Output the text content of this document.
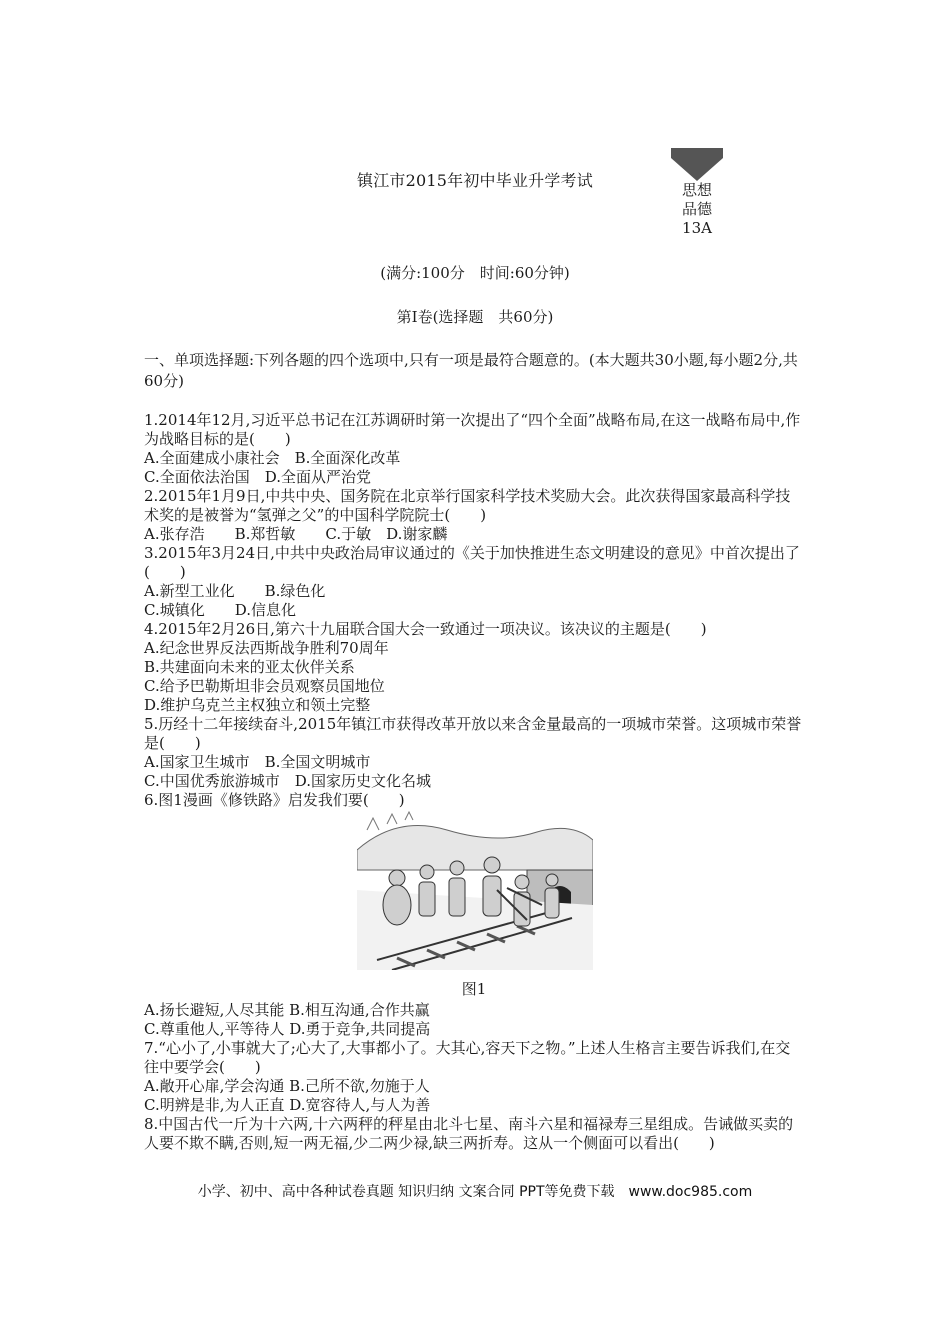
镇江市2015年初中毕业升学考试	思想
品德
13A
(满分:100分　时间:60分钟)
第Ⅰ卷(选择题　共60分)
一、单项选择题:下列各题的四个选项中,只有一项是最符合题意的。(本大题共30小题,每小题2分,共60分)
1.2014年12月,习近平总书记在江苏调研时第一次提出了“四个全面”战略布局,在这一战略布局中,作为战略目标的是(　　)
A.全面建成小康社会　B.全面深化改革
C.全面依法治国　D.全面从严治党
2.2015年1月9日,中共中央、国务院在北京举行国家科学技术奖励大会。此次获得国家最高科学技术奖的是被誉为“氢弹之父”的中国科学院院士(　　)
A.张存浩　　B.郑哲敏　　C.于敏　D.谢家麟
3.2015年3月24日,中共中央政治局审议通过的《关于加快推进生态文明建设的意见》中首次提出了(　　)
A.新型工业化　　B.绿色化
C.城镇化　　D.信息化
4.2015年2月26日,第六十九届联合国大会一致通过一项决议。该决议的主题是(　　)
A.纪念世界反法西斯战争胜利70周年
B.共建面向未来的亚太伙伴关系
C.给予巴勒斯坦非会员观察员国地位
D.维护乌克兰主权独立和领土完整
5.历经十二年接续奋斗,2015年镇江市获得改革开放以来含金量最高的一项城市荣誉。这项城市荣誉是(　　)
A.国家卫生城市　B.全国文明城市
C.中国优秀旅游城市　D.国家历史文化名城
6.图1漫画《修铁路》启发我们要(　　)
图1
A.扬长避短,人尽其能 B.相互沟通,合作共赢
C.尊重他人,平等待人 D.勇于竞争,共同提高
7.“心小了,小事就大了;心大了,大事都小了。大其心,容天下之物。”上述人生格言主要告诉我们,在交往中要学会(　　)
A.敞开心扉,学会沟通 B.己所不欲,勿施于人
C.明辨是非,为人正直 D.宽容待人,与人为善
8.中国古代一斤为十六两,十六两秤的秤星由北斗七星、南斗六星和福禄寿三星组成。告诫做买卖的人要不欺不瞒,否则,短一两无福,少二两少禄,缺三两折寿。这从一个侧面可以看出(　　)
小学、初中、高中各种试卷真题 知识归纳 文案合同 PPT等免费下载　www.doc985.com
